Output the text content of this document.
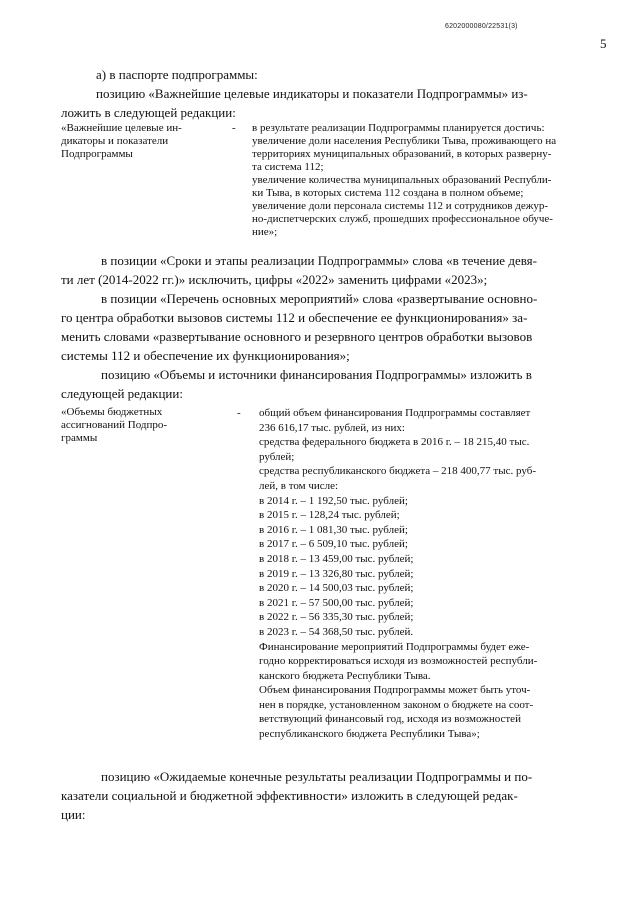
6202000080/22531(3)
5
а) в паспорте подпрограммы:
позицию «Важнейшие целевые индикаторы и показатели Подпрограммы» из-
ложить в следующей редакции:
«Важнейшие целевые ин-
дикаторы и показатели
Подпрограммы
-	в результате реализации Подпрограммы планируется достичь:
увеличение доли населения Республики Тыва, проживающего на
территориях муниципальных образований, в которых разверну-
та система 112;
увеличение количества муниципальных образований Республи-
ки Тыва, в которых система 112 создана в полном объеме;
увеличение доли персонала системы 112 и сотрудников дежур-
но-диспетчерских служб, прошедших профессиональное обуче-
ние»;
в позиции «Сроки и этапы реализации Подпрограммы» слова «в течение девя-
ти лет (2014-2022 гг.)» исключить, цифры «2022» заменить цифрами «2023»;
в позиции «Перечень основных мероприятий» слова «развертывание основно-
го центра обработки вызовов системы 112 и обеспечение ее функционирования» за-
менить словами «развертывание основного и резервного центров обработки вызовов
системы 112 и обеспечение их функционирования»;
позицию «Объемы и источники финансирования Подпрограммы» изложить в
следующей редакции:
«Объемы бюджетных
ассигнований Подпро-
граммы
-	общий объем финансирования Подпрограммы составляет
236 616,17 тыс. рублей, из них:
средства федерального бюджета в 2016 г. – 18 215,40 тыс.
рублей;
средства республиканского бюджета – 218 400,77 тыс. руб-
лей, в том числе:
в 2014 г. – 1 192,50 тыс. рублей;
в 2015 г. – 128,24 тыс. рублей;
в 2016 г. – 1 081,30 тыс. рублей;
в 2017 г. – 6 509,10 тыс. рублей;
в 2018 г. – 13 459,00 тыс. рублей;
в 2019 г. – 13 326,80 тыс. рублей;
в 2020 г. – 14 500,03 тыс. рублей;
в 2021 г. – 57 500,00 тыс. рублей;
в 2022 г. – 56 335,30 тыс. рублей;
в 2023 г. – 54 368,50 тыс. рублей.
Финансирование мероприятий Подпрограммы будет еже-
годно корректироваться исходя из возможностей республи-
канского бюджета Республики Тыва.
Объем финансирования Подпрограммы может быть уточ-
нен в порядке, установленном законом о бюджете на соот-
ветствующий финансовый год, исходя из возможностей
республиканского бюджета Республики Тыва»;
позицию «Ожидаемые конечные результаты реализации Подпрограммы и по-
казатели социальной и бюджетной эффективности» изложить в следующей редак-
ции:
